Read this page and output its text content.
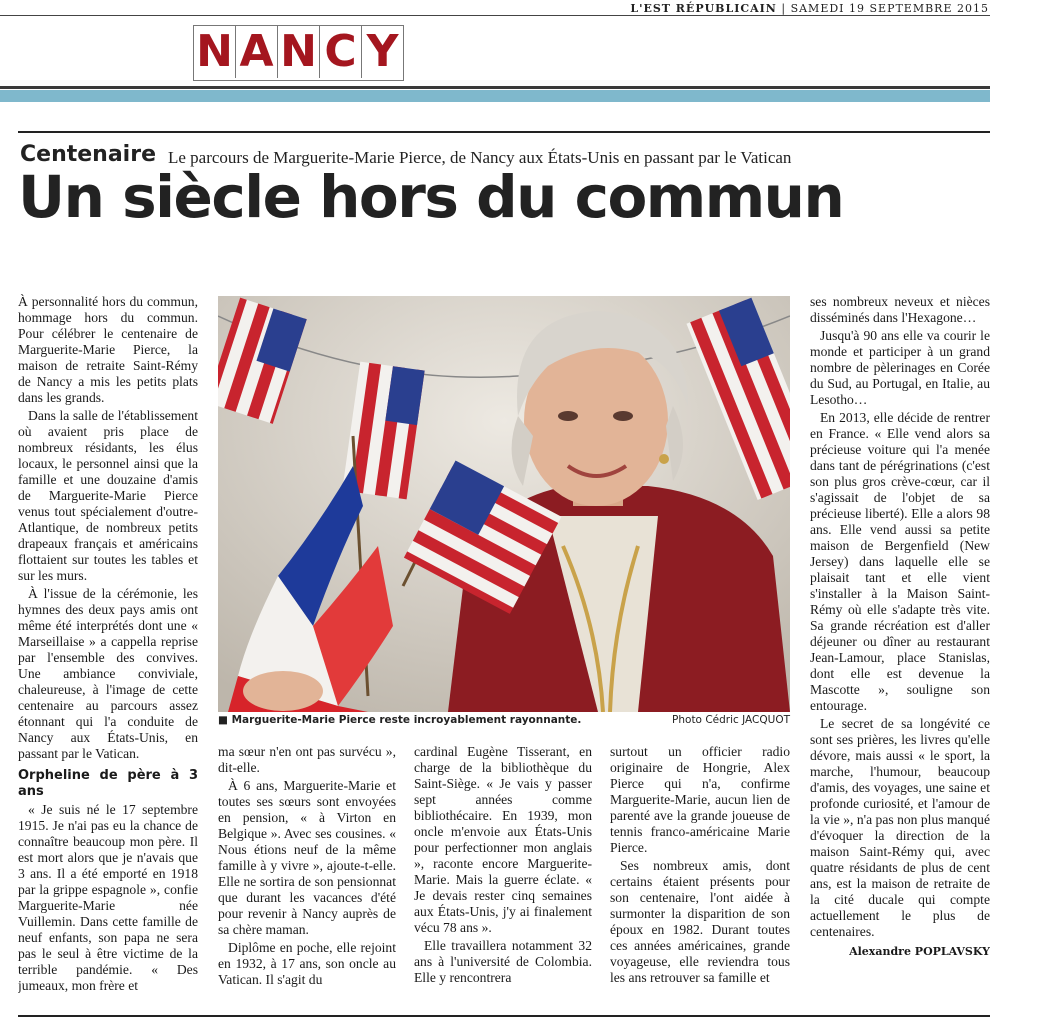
L'EST RÉPUBLICAIN | SAMEDI 19 SEPTEMBRE 2015
N A N C Y
Centenaire Le parcours de Marguerite-Marie Pierce, de Nancy aux États-Unis en passant par le Vatican
Un siècle hors du commun

À personnalité hors du commun, hommage hors du commun. Pour célébrer le centenaire de Marguerite-Marie Pierce, la maison de retraite Saint-Rémy de Nancy a mis les petits plats dans les grands.

Dans la salle de l'établissement où avaient pris place de nombreux résidants, les élus locaux, le personnel ainsi que la famille et une douzaine d'amis de Marguerite-Marie Pierce venus tout spécialement d'outre-Atlantique, de nombreux petits drapeaux français et américains flottaient sur toutes les tables et sur les murs.

À l'issue de la cérémonie, les hymnes des deux pays amis ont même été interprétés dont une « Marseillaise » a cappella reprise par l'ensemble des convives. Une ambiance conviviale, chaleureuse, à l'image de cette centenaire au parcours assez étonnant qui l'a conduite de Nancy aux États-Unis, en passant par le Vatican.

Orpheline de père à 3 ans

« Je suis né le 17 septembre 1915. Je n'ai pas eu la chance de connaître beaucoup mon père. Il est mort alors que je n'avais que 3 ans. Il a été emporté en 1918 par la grippe espagnole », confie Marguerite-Marie née Vuillemin. Dans cette famille de neuf enfants, son papa ne sera pas le seul à être victime de la terrible pandémie. « Des jumeaux, mon frère et

■ Marguerite-Marie Pierce reste incroyablement rayonnante.	Photo Cédric JACQUOT

ma sœur n'en ont pas survécu », dit-elle.

À 6 ans, Marguerite-Marie et toutes ses sœurs sont envoyées en pension, « à Virton en Belgique ». Avec ses cousines. « Nous étions neuf de la même famille à y vivre », ajoute-t-elle. Elle ne sortira de son pensionnat que durant les vacances d'été pour revenir à Nancy auprès de sa chère maman.

Diplôme en poche, elle rejoint en 1932, à 17 ans, son oncle au Vatican. Il s'agit du

cardinal Eugène Tisserant, en charge de la bibliothèque du Saint-Siège. « Je vais y passer sept années comme bibliothécaire. En 1939, mon oncle m'envoie aux États-Unis pour perfectionner mon anglais », raconte encore Marguerite-Marie. Mais la guerre éclate. « Je devais rester cinq semaines aux États-Unis, j'y ai finalement vécu 78 ans ».

Elle travaillera notamment 32 ans à l'université de Colombia. Elle y rencontrera

surtout un officier radio originaire de Hongrie, Alex Pierce qui n'a, confirme Marguerite-Marie, aucun lien de parenté ave la grande joueuse de tennis franco-américaine Marie Pierce.

Ses nombreux amis, dont certains étaient présents pour son centenaire, l'ont aidée à surmonter la disparition de son époux en 1982. Durant toutes ces années américaines, grande voyageuse, elle reviendra tous les ans retrouver sa famille et

ses nombreux neveux et nièces disséminés dans l'Hexagone…

Jusqu'à 90 ans elle va courir le monde et participer à un grand nombre de pèlerinages en Corée du Sud, au Portugal, en Italie, au Lesotho…

En 2013, elle décide de rentrer en France. « Elle vend alors sa précieuse voiture qui l'a menée dans tant de pérégrinations (c'est son plus gros crève-cœur, car il s'agissait de l'objet de sa précieuse liberté). Elle a alors 98 ans. Elle vend aussi sa petite maison de Bergenfield (New Jersey) dans laquelle elle se plaisait tant et elle vient s'installer à la Maison Saint-Rémy où elle s'adapte très vite. Sa grande récréation est d'aller déjeuner ou dîner au restaurant Jean-Lamour, place Stanislas, dont elle est devenue la Mascotte », souligne son entourage.

Le secret de sa longévité ce sont ses prières, les livres qu'elle dévore, mais aussi « le sport, la marche, l'humour, beaucoup d'amis, des voyages, une saine et profonde curiosité, et l'amour de la vie », n'a pas non plus manqué d'évoquer la direction de la maison Saint-Rémy qui, avec quatre résidants de plus de cent ans, est la maison de retraite de la cité ducale qui compte actuellement le plus de centenaires.

Alexandre POPLAVSKY
